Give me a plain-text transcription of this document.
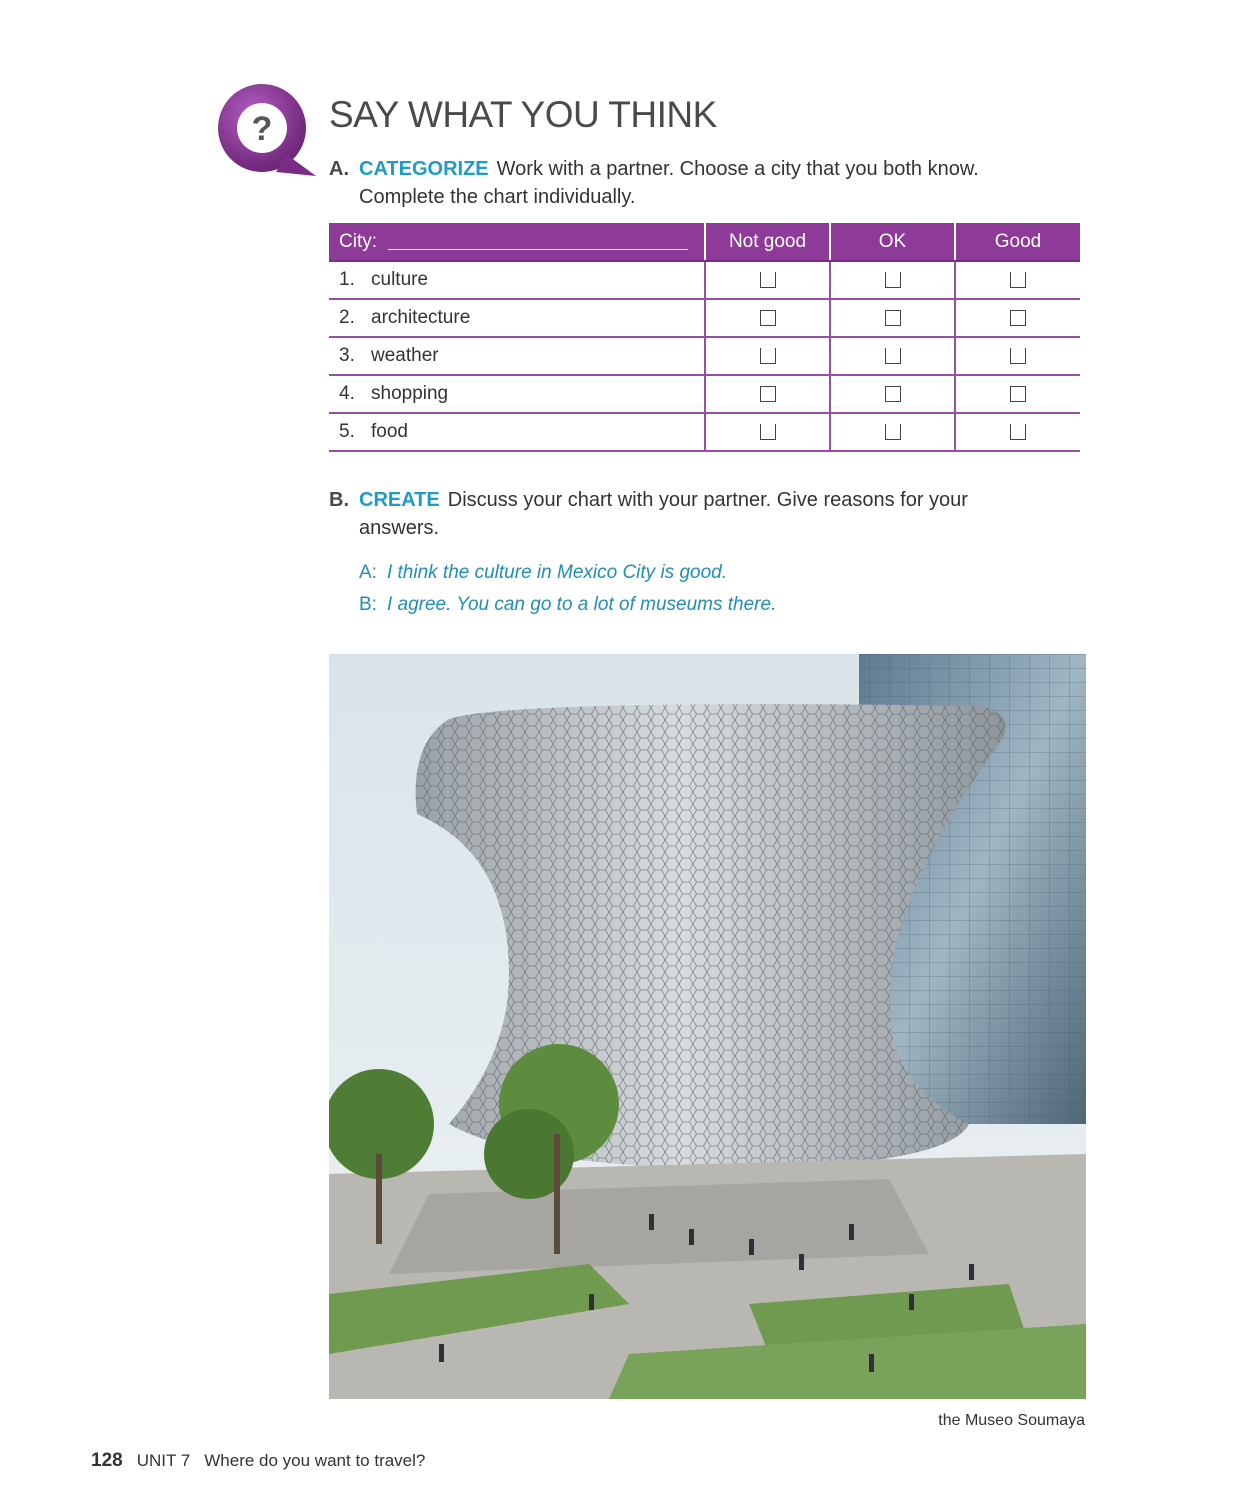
? SAY WHAT YOU THINK
A. CATEGORIZE Work with a partner. Choose a city that you both know. Complete the chart individually.
City:	Not good	OK	Good
1. culture			
2. architecture			
3. weather			
4. shopping			
5. food			
B. CREATE Discuss your chart with your partner. Give reasons for your answers.
A: I think the culture in Mexico City is good.
B: I agree. You can go to a lot of museums there.
the Museo Soumaya
128 UNIT 7 Where do you want to travel?
